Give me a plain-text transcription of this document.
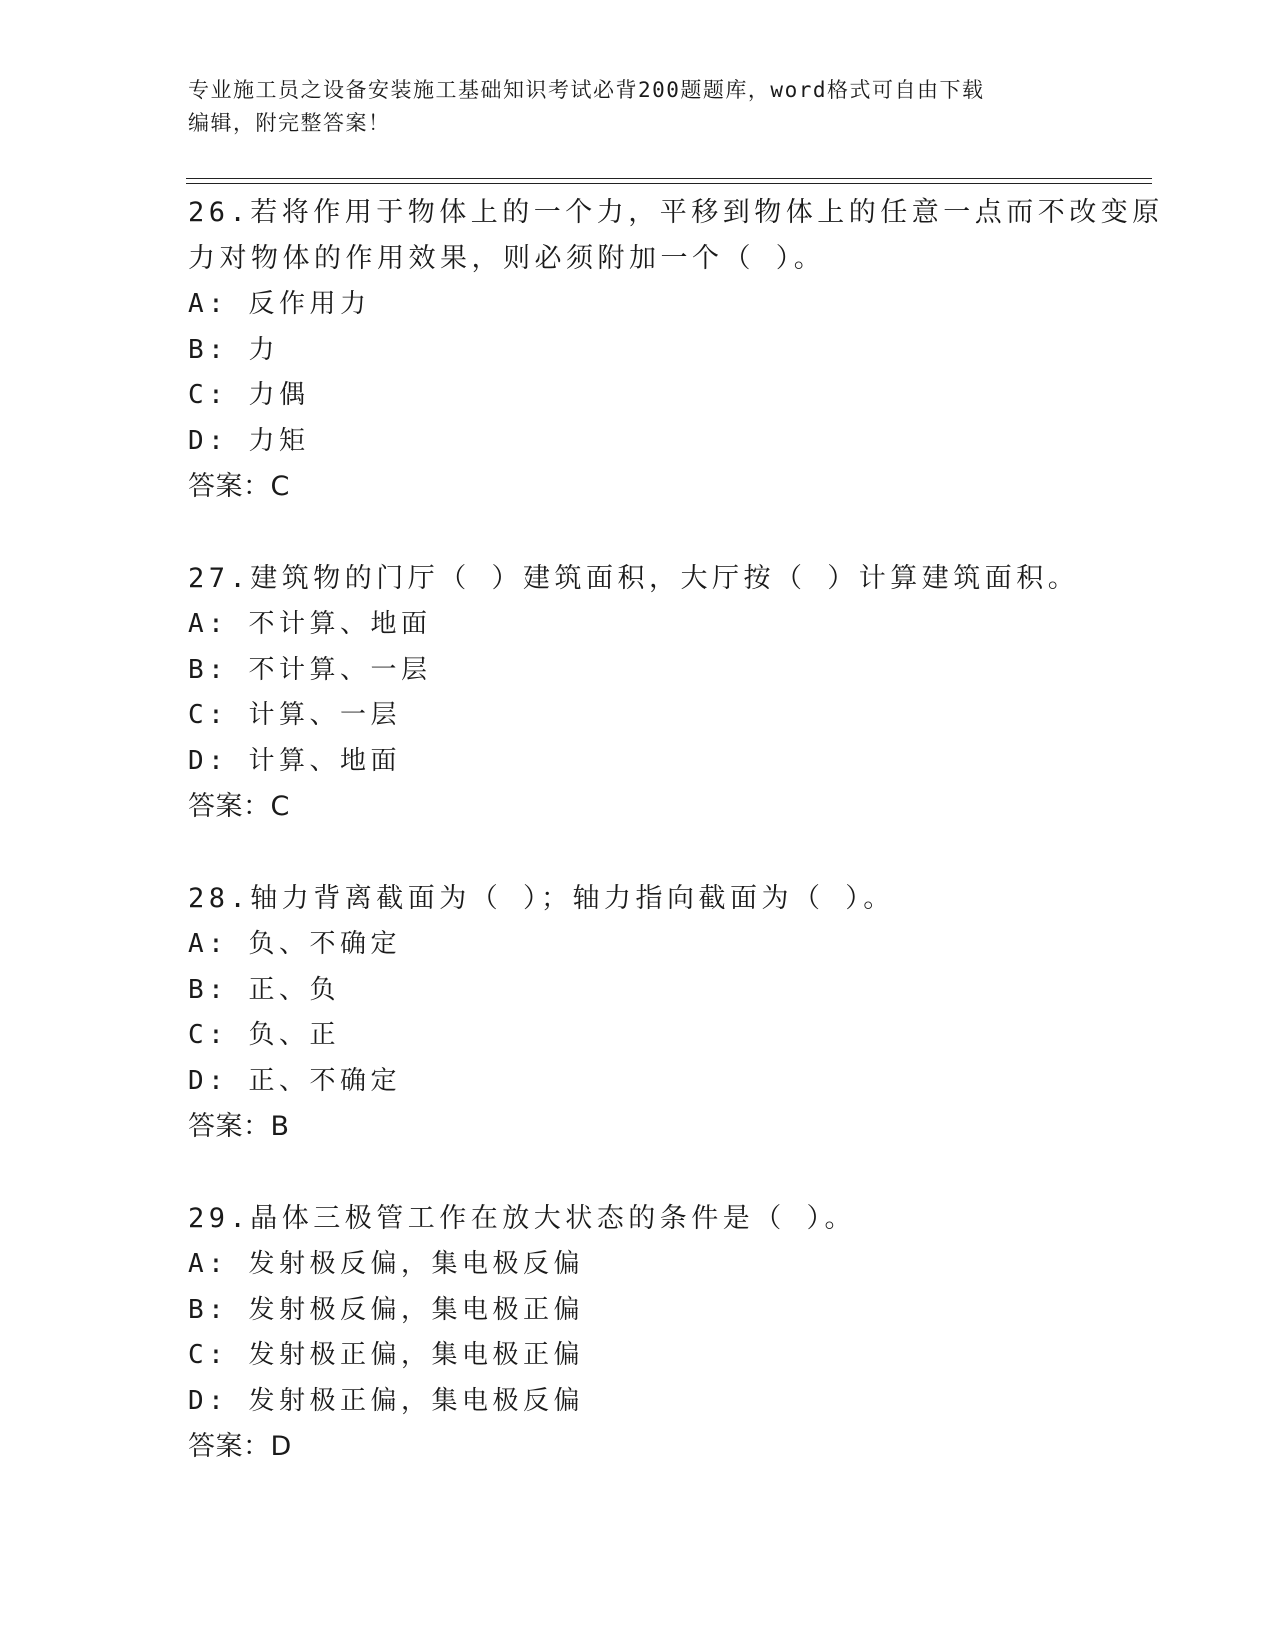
专业施工员之设备安装施工基础知识考试必背200题题库，word格式可自由下载
编辑，附完整答案！
26.若将作用于物体上的一个力，平移到物体上的任意一点而不改变原
力对物体的作用效果，则必须附加一个（ ）。
A: 反作用力
B: 力
C: 力偶
D: 力矩
答案：C
27.建筑物的门厅（ ）建筑面积，大厅按（ ）计算建筑面积。
A: 不计算、地面
B: 不计算、一层
C: 计算、一层
D: 计算、地面
答案：C
28.轴力背离截面为（ ）；轴力指向截面为（ ）。
A: 负、不确定
B: 正、负
C: 负、正
D: 正、不确定
答案：B
29.晶体三极管工作在放大状态的条件是（ ）。
A: 发射极反偏，集电极反偏
B: 发射极反偏，集电极正偏
C: 发射极正偏，集电极正偏
D: 发射极正偏，集电极反偏
答案：D
